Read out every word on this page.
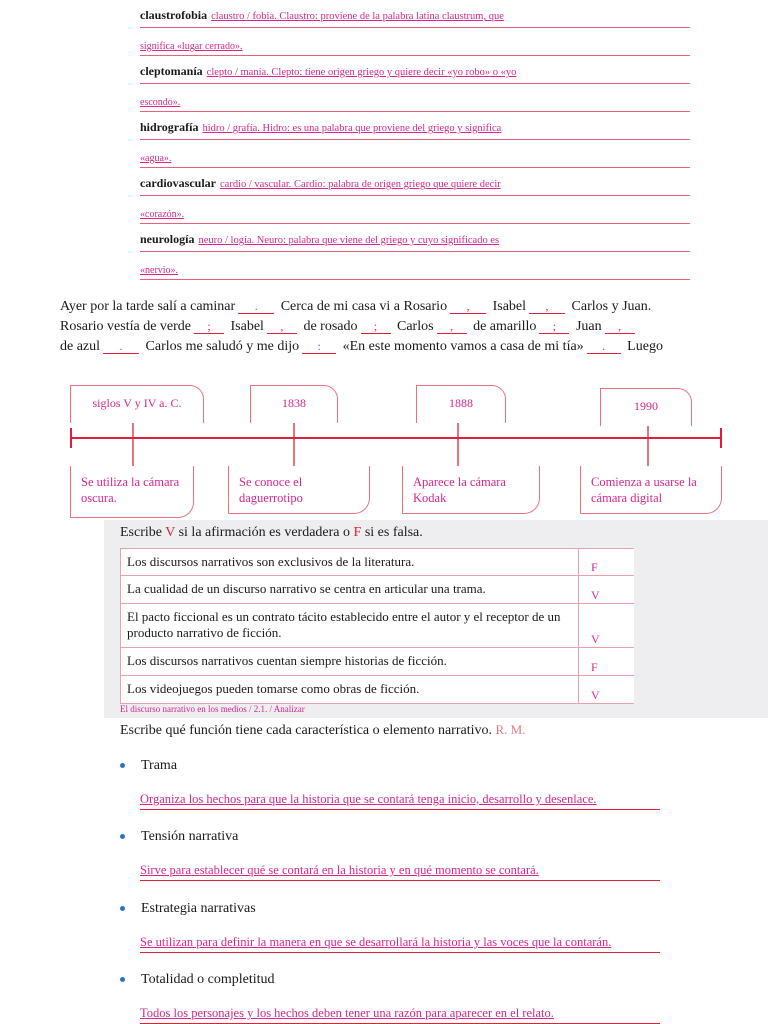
claustrofobia claustro / fobia. Claustro: proviene de la palabra latina claustrum, que
significa «lugar cerrado».
cleptomanía clepto / manía. Clepto: tiene origen griego y quiere decir «yo robo» o «yo
escondo».
hidrografía hidro / grafía. Hidro: es una palabra que proviene del griego y significa
«agua».
cardiovascular cardio / vascular. Cardio: palabra de origen griego que quiere decir
«corazón».
neurología neuro / logía. Neuro: palabra que viene del griego y cuyo significado es
«nervio».
Ayer por la tarde salí a caminar . Cerca de mi casa vi a Rosario , Isabel , Carlos y Juan.
Rosario vestía de verde ; Isabel , de rosado ; Carlos , de amarillo ; Juan ,
de azul . Carlos me saludó y me dijo : «En este momento vamos a casa de mi tía» . Luego
siglos V y IV a. C.	1838	1888	1990
Se utiliza la cámara oscura.
Se conoce el daguerrotipo
Aparece la cámara Kodak
Comienza a usarse la cámara digital
Escribe V si la afirmación es verdadera o F si es falsa.
Los discursos narrativos son exclusivos de la literatura.	F
La cualidad de un discurso narrativo se centra en articular una trama.	V
El pacto ficcional es un contrato tácito establecido entre el autor y el receptor de un producto narrativo de ficción.	V
Los discursos narrativos cuentan siempre historias de ficción.	F
Los videojuegos pueden tomarse como obras de ficción.	V
El discurso narrativo en los medios / 2.1. / Analizar
Escribe qué función tiene cada característica o elemento narrativo. R. M.
Trama
Organiza los hechos para que la historia que se contará tenga inicio, desarrollo y desenlace.
Tensión narrativa
Sirve para establecer qué se contará en la historia y en qué momento se contará.
Estrategia narrativas
Se utilizan para definir la manera en que se desarrollará la historia y las voces que la contarán.
Totalidad o completitud
Todos los personajes y los hechos deben tener una razón para aparecer en el relato.
